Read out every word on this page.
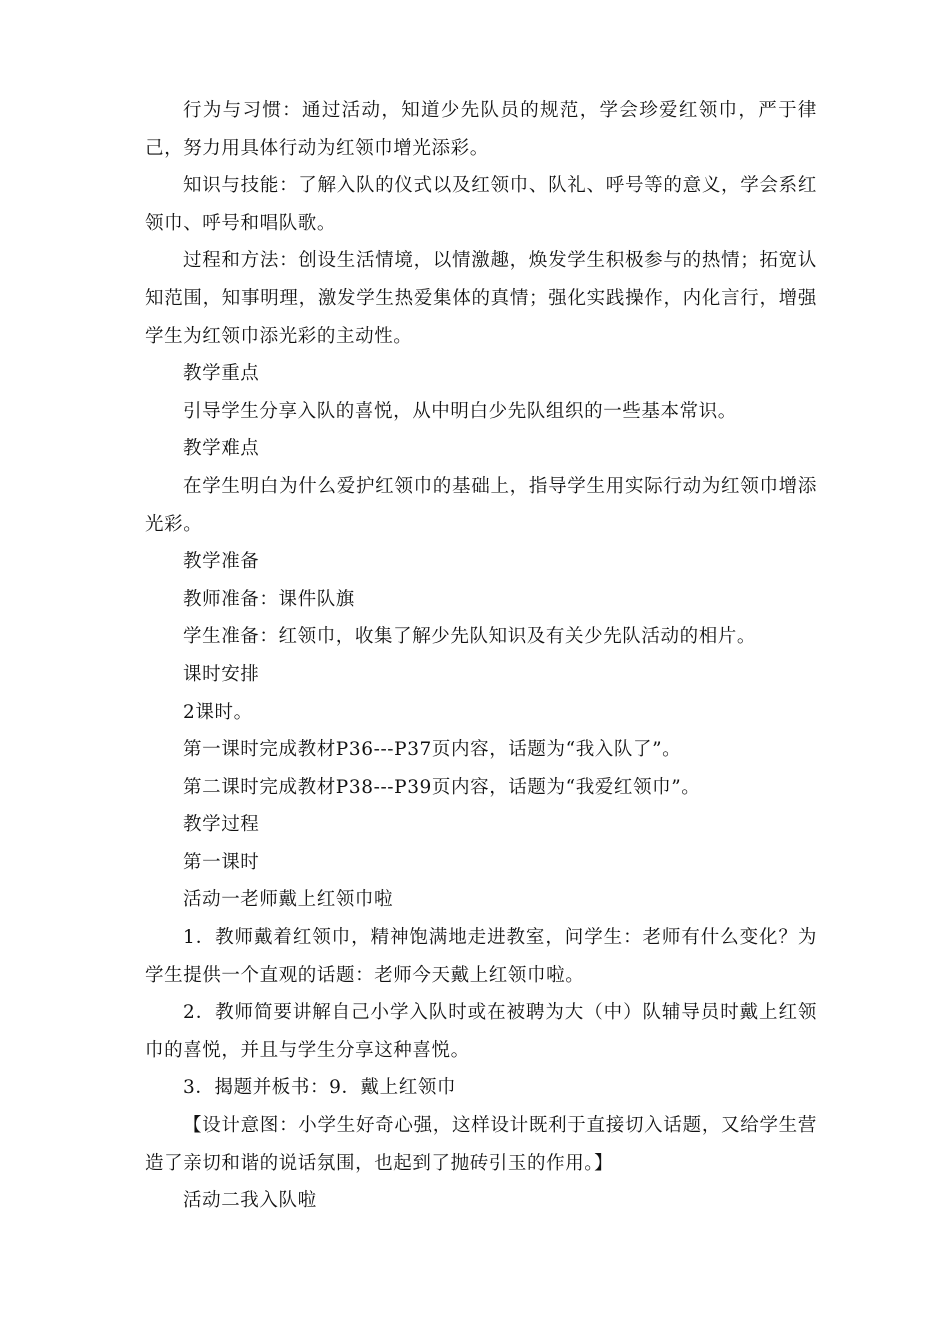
行为与习惯：通过活动，知道少先队员的规范，学会珍爱红领巾，严于律己，努力用具体行动为红领巾增光添彩。

知识与技能：了解入队的仪式以及红领巾、队礼、呼号等的意义，学会系红领巾、呼号和唱队歌。

过程和方法：创设生活情境，以情激趣，焕发学生积极参与的热情；拓宽认知范围，知事明理，激发学生热爱集体的真情；强化实践操作，内化言行，增强学生为红领巾添光彩的主动性。

教学重点

引导学生分享入队的喜悦，从中明白少先队组织的一些基本常识。

教学难点

在学生明白为什么爱护红领巾的基础上，指导学生用实际行动为红领巾增添光彩。

教学准备

教师准备：课件队旗

学生准备：红领巾，收集了解少先队知识及有关少先队活动的相片。

课时安排

2课时。

第一课时完成教材P36---P37页内容，话题为“我入队了”。

第二课时完成教材P38---P39页内容，话题为“我爱红领巾”。

教学过程

第一课时

活动一老师戴上红领巾啦

1．教师戴着红领巾，精神饱满地走进教室，问学生：老师有什么变化？为学生提供一个直观的话题：老师今天戴上红领巾啦。

2．教师简要讲解自己小学入队时或在被聘为大（中）队辅导员时戴上红领巾的喜悦，并且与学生分享这种喜悦。

3．揭题并板书：9．戴上红领巾

【设计意图：小学生好奇心强，这样设计既利于直接切入话题，又给学生营造了亲切和谐的说话氛围，也起到了抛砖引玉的作用。】

活动二我入队啦
